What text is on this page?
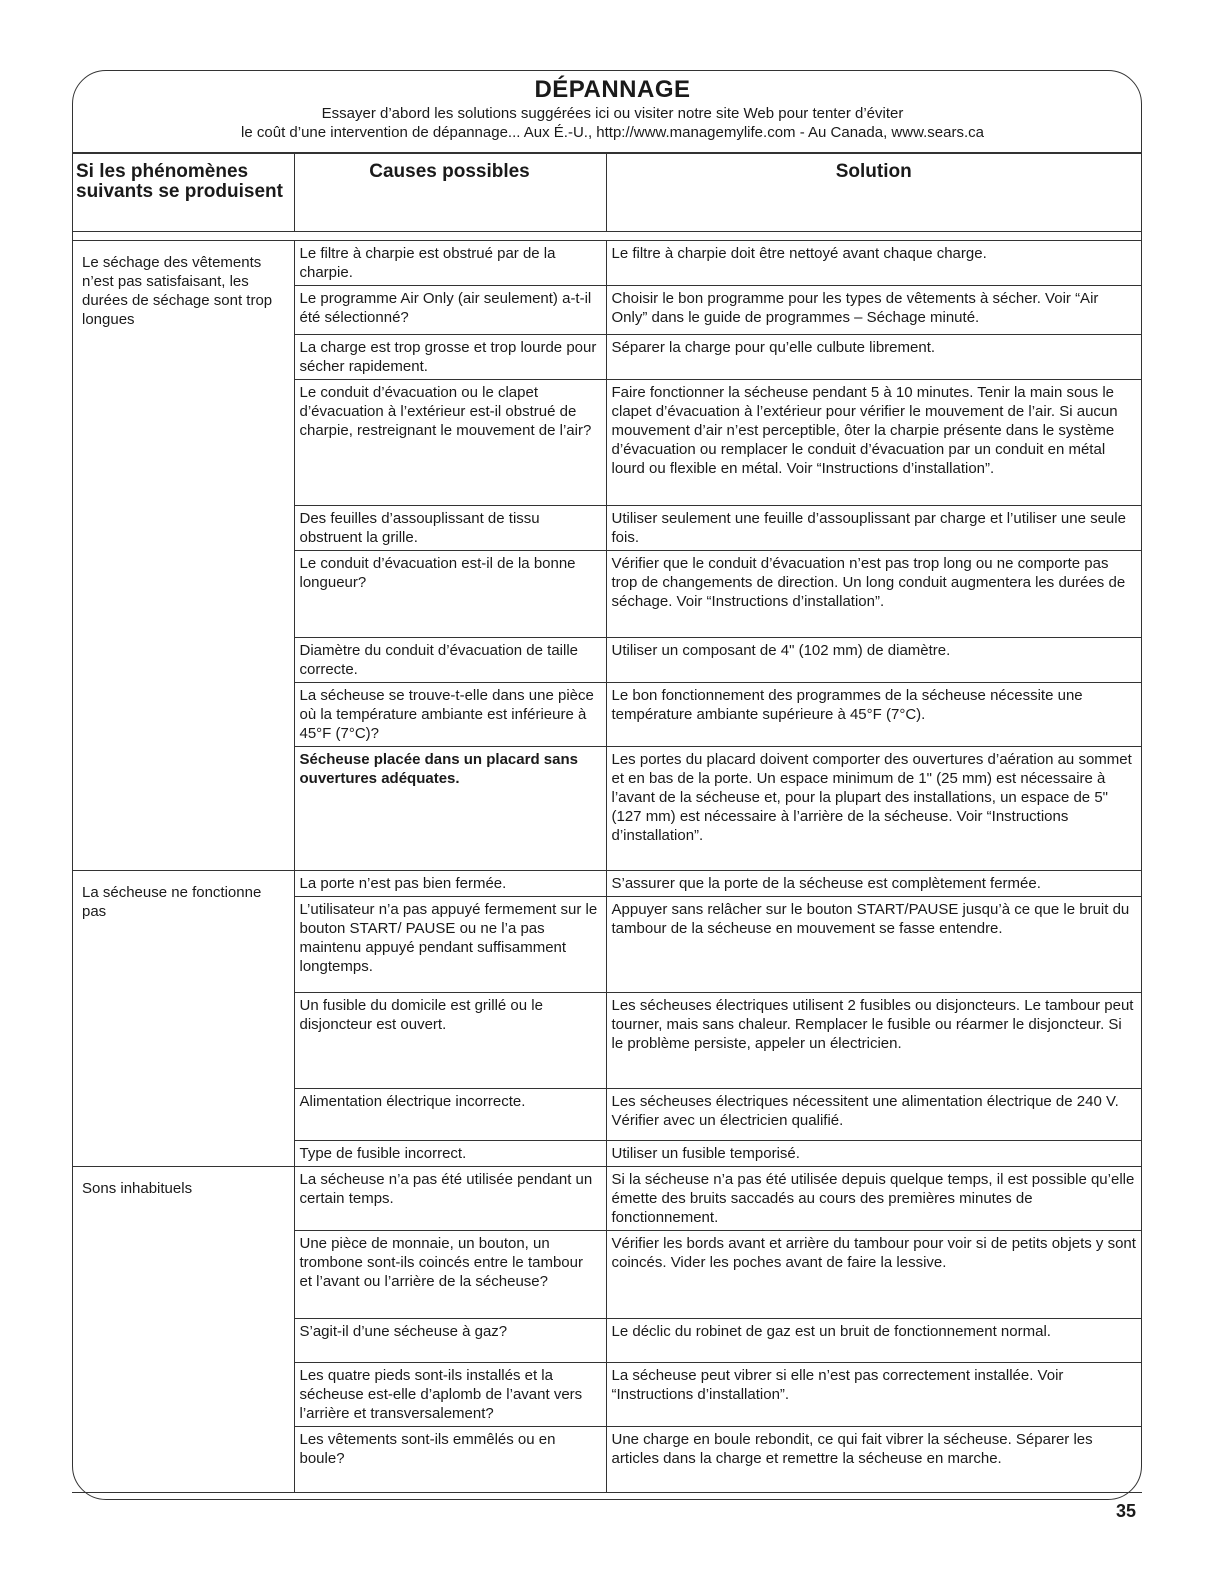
DÉPANNAGE
Essayer d’abord les solutions suggérées ici ou visiter notre site Web pour tenter d’éviter
le coût d’une intervention de dépannage... Aux É.-U., http://www.managemylife.com - Au Canada, www.sears.ca
Si les phénomènes suivants se produisent	Causes possibles	Solution

Le séchage des vêtements n’est pas satisfaisant, les durées de séchage sont trop longues	Le filtre à charpie est obstrué par de la charpie.	Le filtre à charpie doit être nettoyé avant chaque charge.
	Le programme Air Only (air seulement) a-t-il été sélectionné?	Choisir le bon programme pour les types de vêtements à sécher. Voir “Air Only” dans le guide de programmes – Séchage minuté.
	La charge est trop grosse et trop lourde pour sécher rapidement.	Séparer la charge pour qu’elle culbute librement.
	Le conduit d’évacuation ou le clapet d’évacuation à l’extérieur est-il obstrué de charpie, restreignant le mouvement de l’air?	Faire fonctionner la sécheuse pendant 5 à 10 minutes. Tenir la main sous le clapet d’évacuation à l’extérieur pour vérifier le mouvement de l’air. Si aucun mouvement d’air n’est perceptible, ôter la charpie présente dans le système d’évacuation ou remplacer le conduit d’évacuation par un conduit en métal lourd ou flexible en métal. Voir “Instructions d’installation”.
	Des feuilles d’assouplissant de tissu obstruent la grille.	Utiliser seulement une feuille d’assouplissant par charge et l’utiliser une seule fois.
	Le conduit d’évacuation est-il de la bonne longueur?	Vérifier que le conduit d’évacuation n’est pas trop long ou ne comporte pas trop de changements de direction. Un long conduit augmentera les durées de séchage. Voir “Instructions d’installation”.
	Diamètre du conduit d’évacuation de taille correcte.	Utiliser un composant de 4" (102 mm) de diamètre.
	La sécheuse se trouve-t-elle dans une pièce où la température ambiante est inférieure à 45°F (7°C)?	Le bon fonctionnement des programmes de la sécheuse nécessite une température ambiante supérieure à 45°F (7°C).
	Sécheuse placée dans un placard sans ouvertures adéquates.	Les portes du placard doivent comporter des ouvertures d’aération au sommet et en bas de la porte. Un espace minimum de 1" (25 mm) est nécessaire à l’avant de la sécheuse et, pour la plupart des installations, un espace de 5" (127 mm) est nécessaire à l’arrière de la sécheuse. Voir “Instructions d’installation”.
La sécheuse ne fonctionne pas	La porte n’est pas bien fermée.	S’assurer que la porte de la sécheuse est complètement fermée.
	L’utilisateur n’a pas appuyé fermement sur le bouton START/ PAUSE ou ne l’a pas maintenu appuyé pendant suffisamment longtemps.	Appuyer sans relâcher sur le bouton START/PAUSE jusqu’à ce que le bruit du tambour de la sécheuse en mouvement se fasse entendre.
	Un fusible du domicile est grillé ou le disjoncteur est ouvert.	Les sécheuses électriques utilisent 2 fusibles ou disjoncteurs. Le tambour peut tourner, mais sans chaleur. Remplacer le fusible ou réarmer le disjoncteur. Si le problème persiste, appeler un électricien.
	Alimentation électrique incorrecte.	Les sécheuses électriques nécessitent une alimentation électrique de 240 V. Vérifier avec un électricien qualifié.
	Type de fusible incorrect.	Utiliser un fusible temporisé.
Sons inhabituels	La sécheuse n’a pas été utilisée pendant un certain temps.	Si la sécheuse n’a pas été utilisée depuis quelque temps, il est possible qu’elle émette des bruits saccadés au cours des premières minutes de fonctionnement.
	Une pièce de monnaie, un bouton, un trombone sont-ils coincés entre le tambour et l’avant ou l’arrière de la sécheuse?	Vérifier les bords avant et arrière du tambour pour voir si de petits objets y sont coincés. Vider les poches avant de faire la lessive.
	S’agit-il d’une sécheuse à gaz?	Le déclic du robinet de gaz est un bruit de fonctionnement normal.
	Les quatre pieds sont-ils installés et la sécheuse est-elle d’aplomb de l’avant vers l’arrière et transversalement?	La sécheuse peut vibrer si elle n’est pas correctement installée. Voir “Instructions d’installation”.
	Les vêtements sont-ils emmêlés ou en boule?	Une charge en boule rebondit, ce qui fait vibrer la sécheuse. Séparer les articles dans la charge et remettre la sécheuse en marche.
35
